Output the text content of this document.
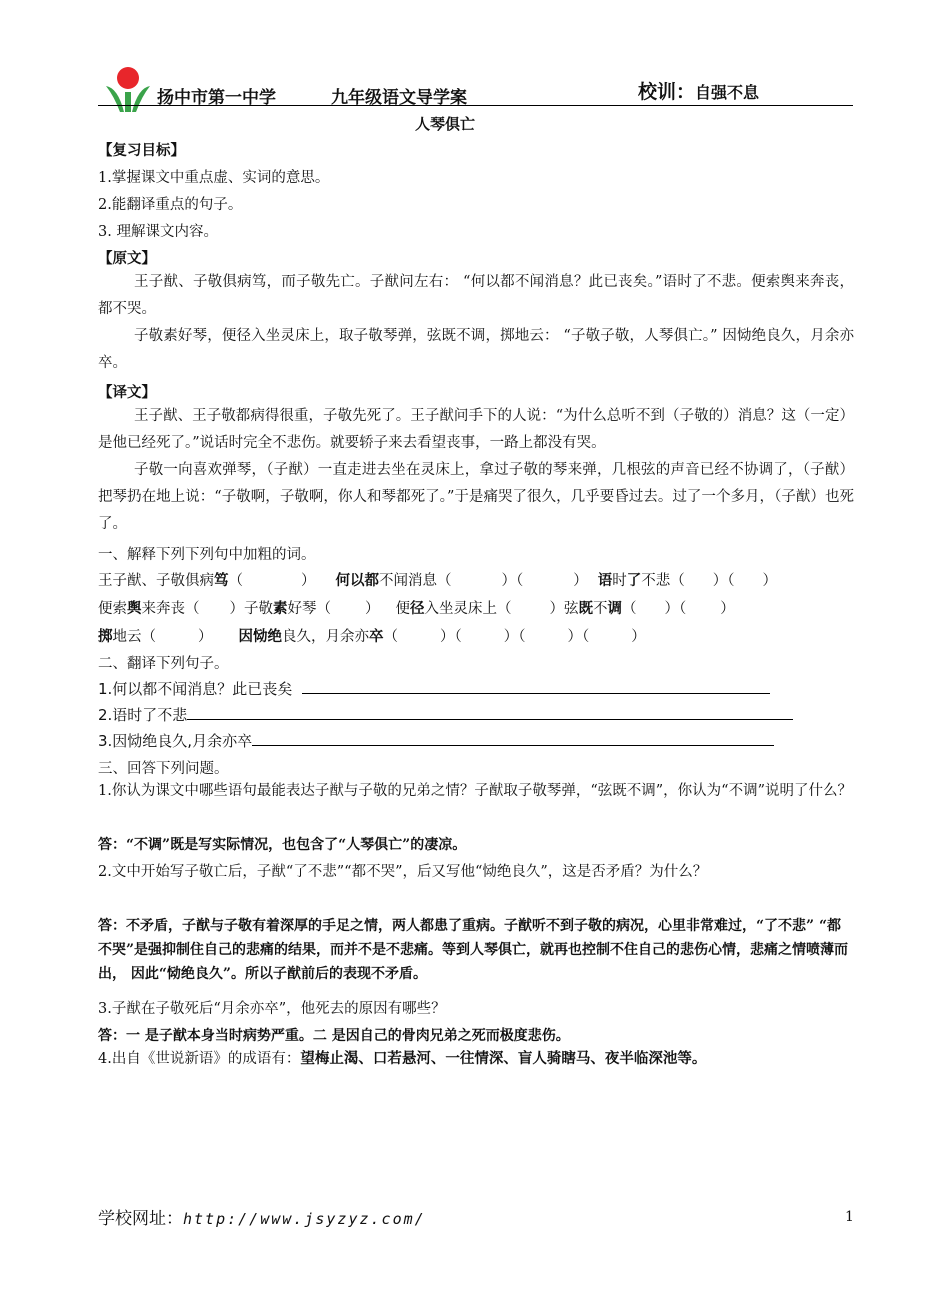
扬中市第一中学	九年级语文导学案	校训：自强不息
人琴俱亡
【复习目标】
1.掌握课文中重点虚、实词的意思。
2.能翻译重点的句子。
3. 理解课文内容。
【原文】
王子猷、子敬俱病笃，而子敬先亡。子猷问左右： “何以都不闻消息？此已丧矣。”语时了不悲。便索舆来奔丧，都不哭。
子敬素好琴，便径入坐灵床上，取子敬琴弹，弦既不调，掷地云： “子敬子敬，人琴俱亡。” 因恸绝良久，月余亦卒。
【译文】
王子猷、王子敬都病得很重，子敬先死了。王子猷问手下的人说：“为什么总听不到（子敬的）消息？这（一定）是他已经死了。”说话时完全不悲伤。就要轿子来去看望丧事，一路上都没有哭。
子敬一向喜欢弹琴，（子猷）一直走进去坐在灵床上，拿过子敬的琴来弹，几根弦的声音已经不协调了，（子猷）把琴扔在地上说：“子敬啊，子敬啊，你人和琴都死了。”于是痛哭了很久，几乎要昏过去。过了一个多月，（子猷）也死了。
一、解释下列下列句中加粗的词。
王子猷、子敬俱病笃（	） 何以都不闻消息（	）（	） 语时了不悲（ ）（ ）
便索舆来奔丧（ ）子敬素好琴（ ） 便径入坐灵床上（	）弦既不调（ ）（ ）
掷地云（	） 因恸绝良久，月余亦卒（	）（	）（	）（	）
二、翻译下列句子。
1.何以都不闻消息？此已丧矣
2.语时了不悲
3.因恸绝良久,月余亦卒
三、回答下列问题。
1.你认为课文中哪些语句最能表达子猷与子敬的兄弟之情？子猷取子敬琴弹，“弦既不调”，你认为“不调”说明了什么？
答：“不调”既是写实际情况，也包含了“人琴俱亡”的凄凉。
2.文中开始写子敬亡后，子猷“了不悲”“都不哭”，后又写他“恸绝良久”，这是否矛盾？为什么？
答：不矛盾，子猷与子敬有着深厚的手足之情，两人都患了重病。子猷听不到子敬的病况，心里非常难过，“了不悲” “都不哭”是强抑制住自己的悲痛的结果，而并不是不悲痛。等到人琴俱亡，就再也控制不住自己的悲伤心情，悲痛之情喷薄而出， 因此“恸绝良久”。所以子猷前后的表现不矛盾。
3.子猷在子敬死后“月余亦卒”，他死去的原因有哪些？
答：一 是子猷本身当时病势严重。二 是因自己的骨肉兄弟之死而极度悲伤。
4.出自《世说新语》的成语有：望梅止渴、口若悬河、一往情深、盲人骑瞎马、夜半临深池等。
学校网址：http://www.jsyzyz.com/	1
